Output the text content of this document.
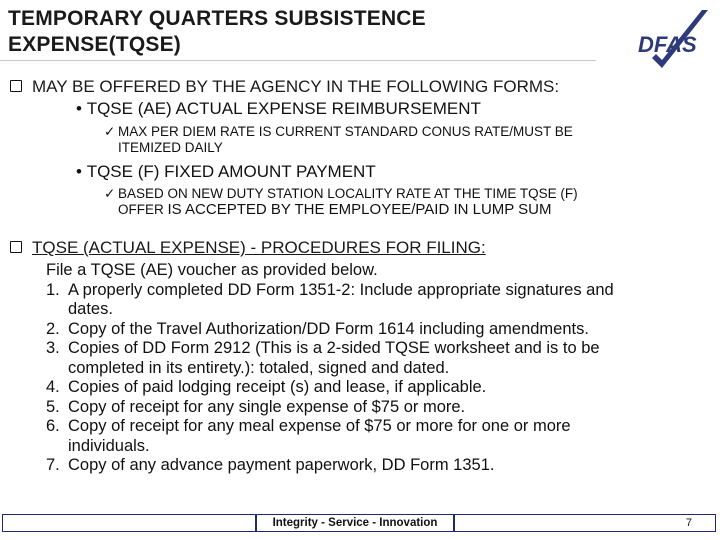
TEMPORARY QUARTERS SUBSISTENCE
EXPENSE(TQSE)	DFAS
MAY BE OFFERED BY THE AGENCY IN THE FOLLOWING FORMS:
• TQSE (AE) ACTUAL EXPENSE REIMBURSEMENT
✓ MAX PER DIEM RATE IS CURRENT STANDARD CONUS RATE/MUST BE
ITEMIZED DAILY
• TQSE (F) FIXED AMOUNT PAYMENT
✓ BASED ON NEW DUTY STATION LOCALITY RATE AT THE TIME TQSE (F)
OFFER IS ACCEPTED BY THE EMPLOYEE/PAID IN LUMP SUM
TQSE (ACTUAL EXPENSE) - PROCEDURES FOR FILING:
File a TQSE (AE) voucher as provided below.
1. A properly completed DD Form 1351-2: Include appropriate signatures and
dates.
2. Copy of the Travel Authorization/DD Form 1614 including amendments.
3. Copies of DD Form 2912 (This is a 2-sided TQSE worksheet and is to be
completed in its entirety.): totaled, signed and dated.
4. Copies of paid lodging receipt (s) and lease, if applicable.
5. Copy of receipt for any single expense of $75 or more.
6. Copy of receipt for any meal expense of $75 or more for one or more
individuals.
7. Copy of any advance payment paperwork, DD Form 1351.
Integrity - Service - Innovation	7
